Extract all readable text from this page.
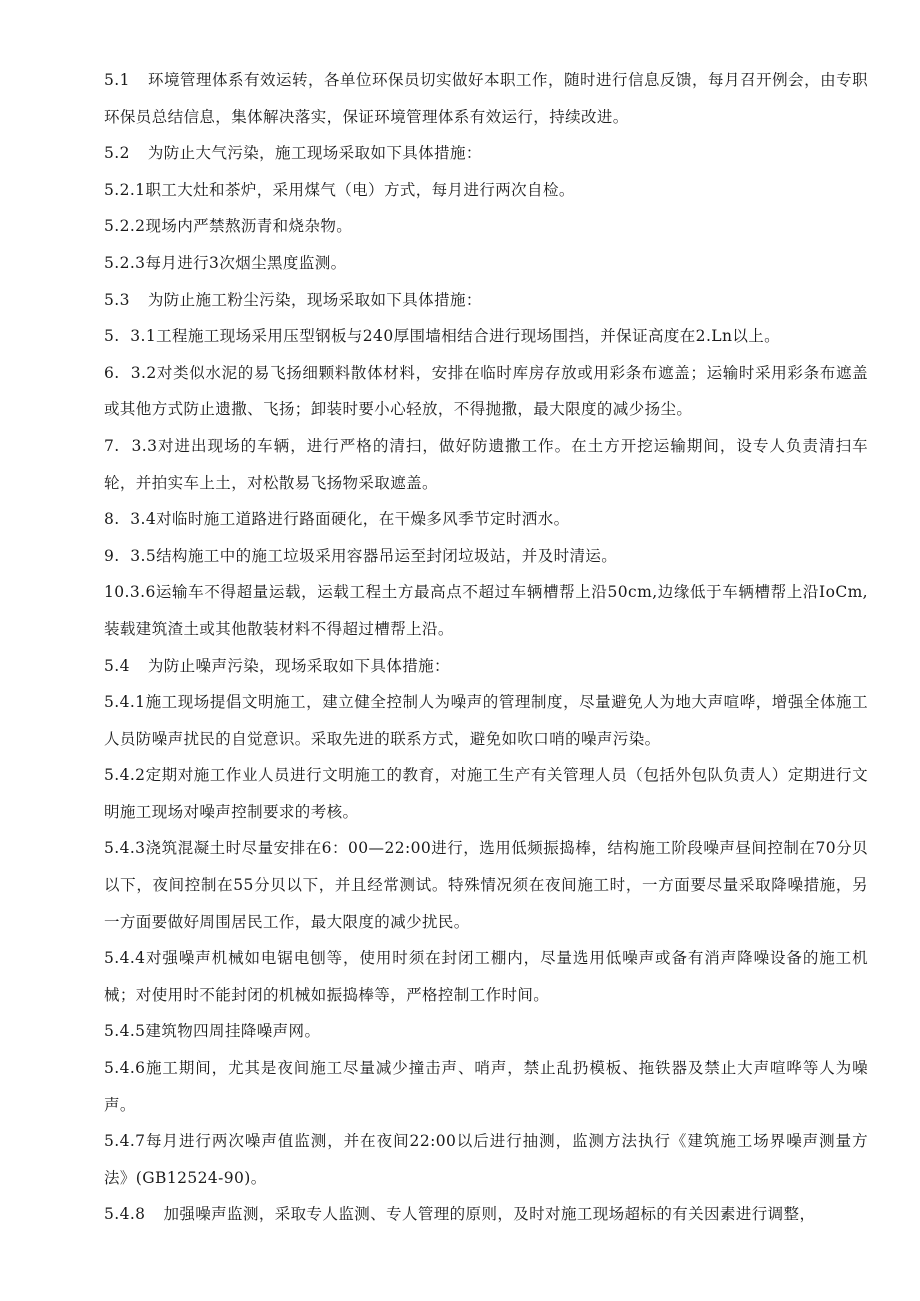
5.1 环境管理体系有效运转，各单位环保员切实做好本职工作，随时进行信息反馈，每月召开例会，由专职环保员总结信息，集体解决落实，保证环境管理体系有效运行，持续改进。

5.2 为防止大气污染，施工现场采取如下具体措施：

5.2.1职工大灶和茶炉，采用煤气（电）方式，每月进行两次自检。

5.2.2现场内严禁熬沥青和烧杂物。

5.2.3每月进行3次烟尘黑度监测。

5.3 为防止施工粉尘污染，现场采取如下具体措施：

5.  3.1工程施工现场采用压型钢板与240厚围墙相结合进行现场围挡，并保证高度在2.Ln以上。

6.  3.2对类似水泥的易飞扬细颗料散体材料，安排在临时库房存放或用彩条布遮盖；运输时采用彩条布遮盖或其他方式防止遗撒、飞扬；卸装时要小心轻放，不得抛撒，最大限度的减少扬尘。

7.  3.3对进出现场的车辆，进行严格的清扫，做好防遗撒工作。在土方开挖运输期间，设专人负责清扫车轮，并拍实车上土，对松散易飞扬物采取遮盖。

8.  3.4对临时施工道路进行路面硬化，在干燥多风季节定时洒水。

9.  3.5结构施工中的施工垃圾采用容器吊运至封闭垃圾站，并及时清运。

10.3.6运输车不得超量运载，运载工程土方最高点不超过车辆槽帮上沿50cm,边缘低于车辆槽帮上沿IoCm,装载建筑渣土或其他散装材料不得超过槽帮上沿。

5.4 为防止噪声污染，现场采取如下具体措施：

5.4.1施工现场提倡文明施工，建立健全控制人为噪声的管理制度，尽量避免人为地大声喧哗，增强全体施工人员防噪声扰民的自觉意识。采取先进的联系方式，避免如吹口哨的噪声污染。

5.4.2定期对施工作业人员进行文明施工的教育，对施工生产有关管理人员（包括外包队负责人）定期进行文明施工现场对噪声控制要求的考核。

5.4.3浇筑混凝土时尽量安排在6：00—22:00进行，选用低频振捣棒，结构施工阶段噪声昼间控制在70分贝以下，夜间控制在55分贝以下，并且经常测试。特殊情况须在夜间施工时，一方面要尽量采取降噪措施，另一方面要做好周围居民工作，最大限度的减少扰民。

5.4.4对强噪声机械如电锯电刨等，使用时须在封闭工棚内，尽量选用低噪声或备有消声降噪设备的施工机械；对使用时不能封闭的机械如振捣棒等，严格控制工作时间。

5.4.5建筑物四周挂降噪声网。

5.4.6施工期间，尤其是夜间施工尽量减少撞击声、哨声，禁止乱扔模板、拖铁器及禁止大声喧哗等人为噪声。

5.4.7每月进行两次噪声值监测，并在夜间22:00以后进行抽测，监测方法执行《建筑施工场界噪声测量方法》(GB12524-90)。

5.4.8 加强噪声监测，采取专人监测、专人管理的原则，及时对施工现场超标的有关因素进行调整，
